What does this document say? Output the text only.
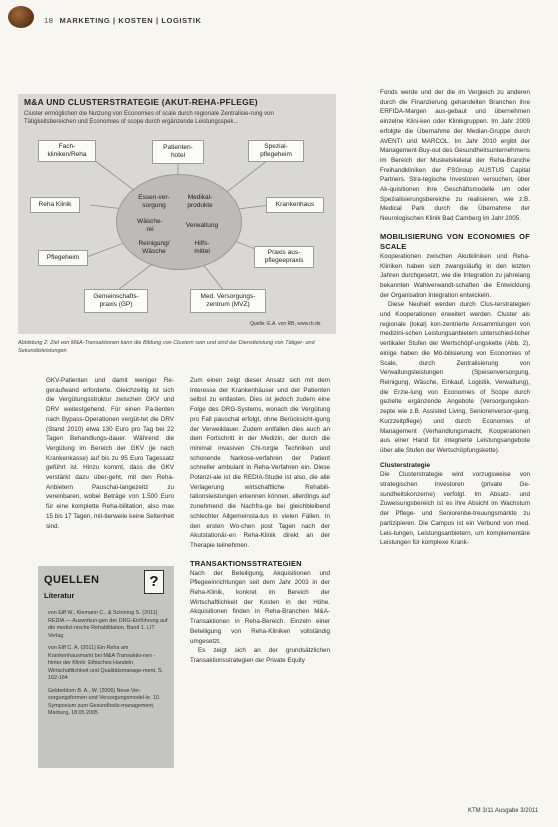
18 MARKETING | KOSTEN | LOGISTIK
M&A UND CLUSTERSTRATEGIE (AKUT-REHA-PFLEGE)
Cluster ermöglichen die Nutzung von Economies of scale durch regionale Zentralisie-rung von Tätigkeitsbereichen und Economies of scope durch ergänzende Leistungsspek...
Essen-ver-
sorgung
Medikal-
produkte
Wäsche-
rei
Verwaltung
Reinigung/
Wäsche
Hilfs-
mittel
Fach-
kliniken/Reha
Patienten-
hotel
Spezial-
pflegeheim
Reha Klinik	Krankenhaus
Pflegeheim
Praxis aus-
pflegeepraxis
Gemeinschafts-
praxis (GP)
Med. Versorgungs-
zentrum (MVZ)
Quelle: E.A. von RB, www.rb.de
Abbildung 2: Ziel von M&A-Transaktionen kann die Bildung von Clustern sein und sind der Dienstleistung von Tätiger- und Sekundärleistungen

GKV-Patienten und damit weniger Re-geraufwand erforderte. Gleichzeitig ist sich die Vergütungsstruktur zwischen GKV und DRV weitestgehend. Für einen Pa-tienten nach Bypass-Operationen vergüt-tet die DRV (Stand 2010) etwa 130 Euro pro Tag bei 22 Tagen Behandlungs-dauer. Während die Vergütung im Bereich der GKV (je nach Krankenkasse) auf bis zu 95 Euro Tagessatz geführt ist. Hinzu kommt, dass die GKV verstärkt dazu über-geht, mit den Reha-Anbietern Pauschal-langezeitz zu vereinbaren, wobei Beträge von 1.500 Euro für eine komplette Reha-bilitation, also max 15 bis 17 Tagen, mit-tlerweile keine Seltenheit sind.

QUELLEN	?
Literatur
von Eiff W., Klemann C., & Schöring S. (2011) REDIA — Auswirkun-gen der DRG-Einführung auf die medizi-nische Rehabilitation. Band 1. LIT Verlag
von Eiff C. A. (2011) Ein Reha am Krankenhausmarkt bei M&A Transaktio-nen - hinter der Klinik: Ethisches Handeln, Wirtschaftlichkeit und Qualitätsmanage-ment, S. 162-164
Gelderblom B. A., W. (2006) Neue Ver-sorgungsformen und Versorgungsmodel-le. 10. Symposium zum Gesundheits-management, Marburg, 18.05.2005

Zum einen zeigt dieser Ansatz sich mit dem Interesse der Krankenhäuser und der Patienten selbst zu entlasten. Dies ist jedoch zudem eine Folge des DRG-Systems, wonach die Vergütung pro Fall pauschal erfolgt, ohne Berücksicht-igung der Verweildauer. Zudem entfallen dies auch an dem Fortschritt in der Medizin, der durch die minimal invasiven Chi-rurgie Techniken und schonende Narkose-verfahren der Patient schneller ambulant in Reha-Verfahren ein. Diese Potenzi-ale ist die REDIA-Studie ist also, die alle Verlagerung wirtschaftliche Rehabili-tationsleistungen erkennen können, allerdings auf zunehmend die Nachfra-ge bei gleichbleibend schlechter Allgemeinsta-tus in vielen Fällen. In den ersten Wo-chen post Tagen nach der Akutstationär-en Reha-Klinik direkt an der Therapie teilnehmen.

TRANSAKTIONSSTRATEGIEN

Nach der Beteiligung, Akquisitionen und Pflegeeinrichtungen seit dem Jahr 2003 in der Reha-Klinik, konkret im Bereich der Wirtschaftlichkeit der Kosten in der Höhe. Akquisitionen finden in Reha-Branchen M&A-Transaktionen in Reha-Bereich. Einzeln einer Beteiligung von Reha-Kliniken vollständig umgesetzt.

Es zeigt sich an der grundsätzlichen Transaktionsstrategien der Private Equity

Fonds werde und der die im Vergleich zu anderen durch die Finanzierung gehandelten Branchen ihre ERFIDA-Margen aus-gebaut und übernehmen einzelne Klini-ken oder Klinikgruppen. Im Jahr 2009 erfolgte die Übernahme der Median-Gruppe durch AVENTI und MARCOL. Im Jahr 2010 ergibt der Management-Buy-out des Gesundheitsunternehmens im Bereich der Muskelskeletal der Reha-Branche Freihandkliniken der FSGroup AUSTUS Capital Partners. Stra-tegische Investoren versuchen, über Ak-quisitionen ihre Geschäftsmodelle um oder Spezialisierungsbereiche zu realisieren, wie z.B. Medical Park durch die Übernahme der Neurologischen Klinik Bad Camberg im Jahr 2005.

MOBILISIERUNG VON ECONOMIES OF SCALE

Kooperationen zwischen Akutkliniken und Reha-Kliniken haben sich zwangsläufig in den letzten Jahren durchgesetzt, wie die Integration zu jahrelang bekannten Wahlverwandt-schaften die Entwicklung der Organisation Integration entwickeln.

Diese Neuheit werden durch Clus-terstrategien und Kooperationen erweitert werden. Cluster als regionale (lokal) kon-zentrierte Ansammlungen von medizini-schen Leistungsanbietern unterschied-licher vertikaler Stufen der Wertschöpf-ungskette (Abb. 2), einige haben die Mö-bilisierung von Economies of Scale, durch Zentralisierung von Verwaltungsleistungen (Speisenversorgung, Reinigung, Wäsche, Einkauf, Logistik, Verwaltung), die Erzie-lung von Economies of Scope durch gezielte ergänzende Angebote (Versorgungskon-zepte wie z.B. Assisted Living, Seniorenversor-gung, Kurzzeitpflege) und durch Economies of Management (Verhandlungsmacht, Kooperationen aus einer Hand für integrierte Leistungsangebote über alle Stufen der Wertschöpfungskette).

Clusterstrategie

Die Clusterstrategie wird vorzugsweise von strategischen Investoren (private Ge-sundheitskonzerne) verfolgt. Im Absatz- und Zuweisungsbereich ist es ihre Absicht im Wachstum der Pflege- und Seniorenbe-treuungsmärkte zu partizipieren. Die Campus ist ein Verbund von med. Leis-tungen, Leistungsanbietern, um komplementäre Leistungen für komplexe Krank-

KTM 3/11 Ausgabe 3/2011
